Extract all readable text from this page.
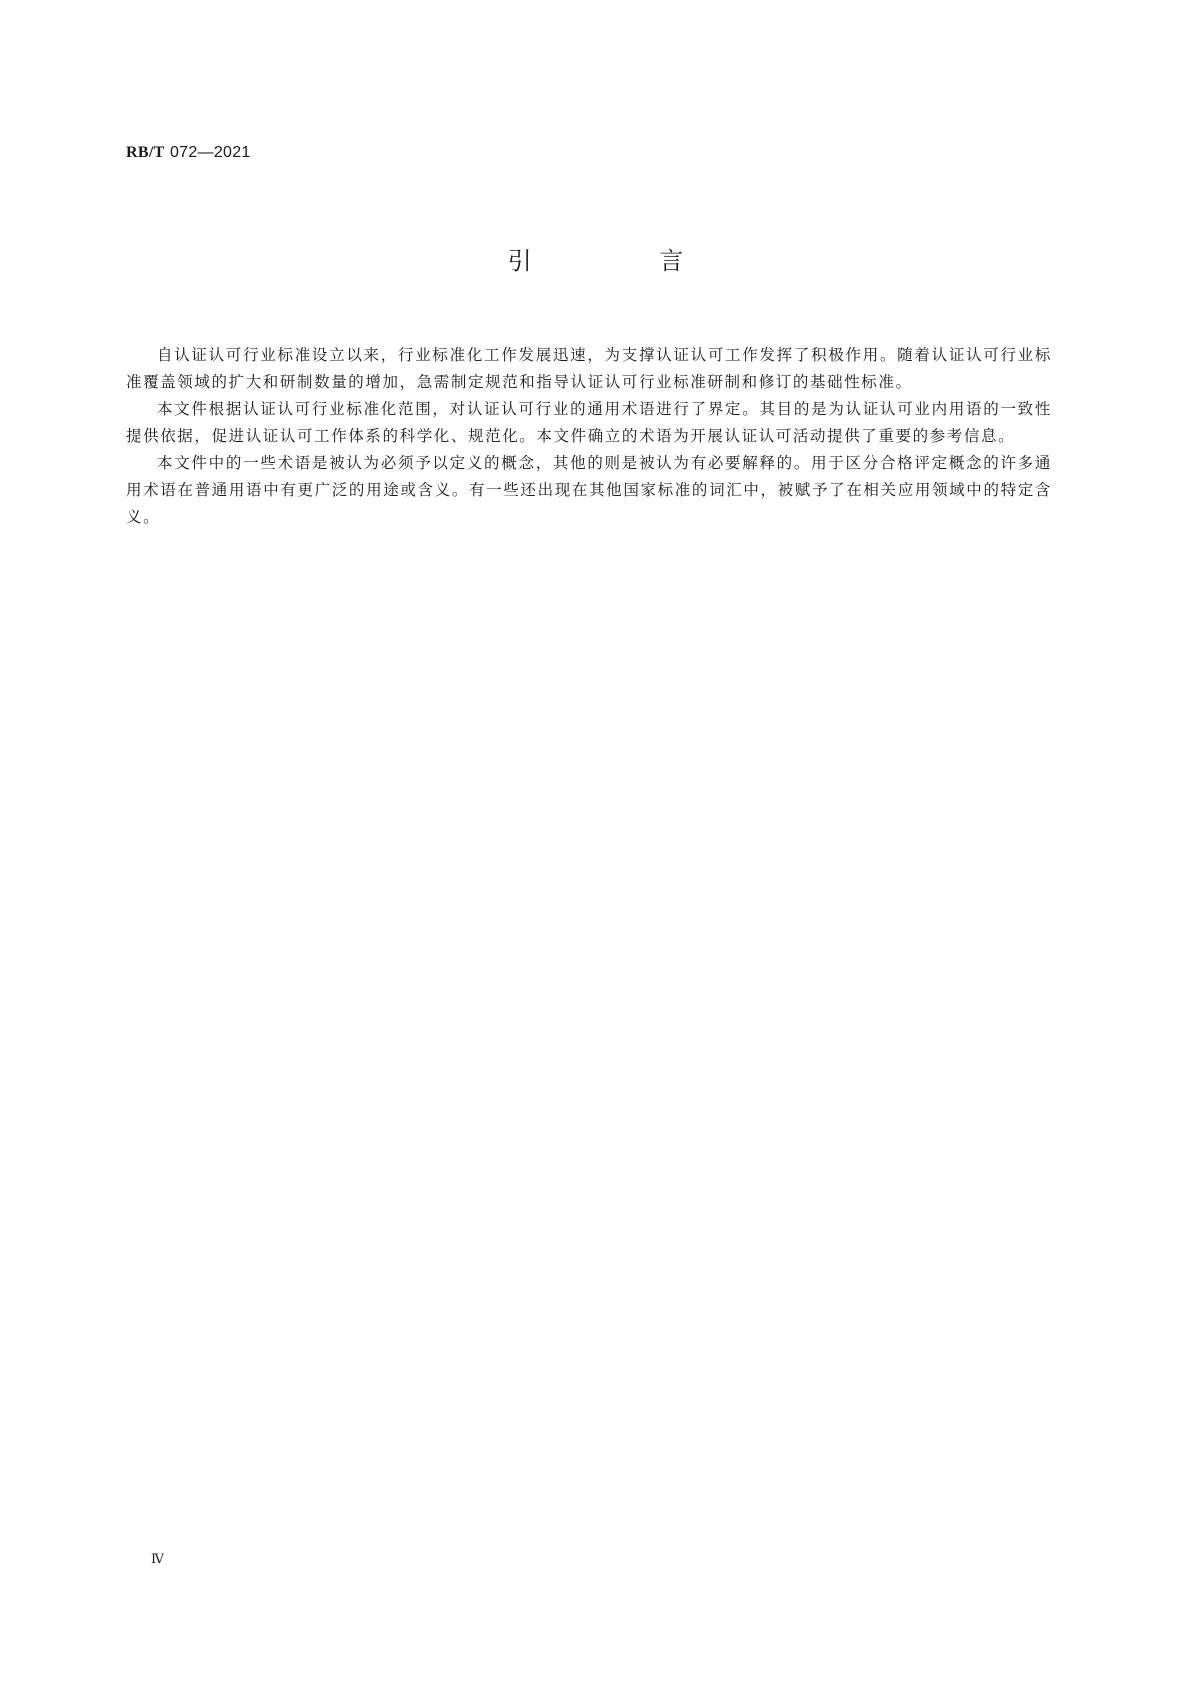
RB/T 072—2021
引 言

自认证认可行业标准设立以来，行业标准化工作发展迅速，为支撑认证认可工作发挥了积极作用。随着认证认可行业标准覆盖领域的扩大和研制数量的增加，急需制定规范和指导认证认可行业标准研制和修订的基础性标准。

本文件根据认证认可行业标准化范围，对认证认可行业的通用术语进行了界定。其目的是为认证认可业内用语的一致性提供依据，促进认证认可工作体系的科学化、规范化。本文件确立的术语为开展认证认可活动提供了重要的参考信息。

本文件中的一些术语是被认为必须予以定义的概念，其他的则是被认为有必要解释的。用于区分合格评定概念的许多通用术语在普通用语中有更广泛的用途或含义。有一些还出现在其他国家标准的词汇中，被赋予了在相关应用领域中的特定含义。

Ⅳ
